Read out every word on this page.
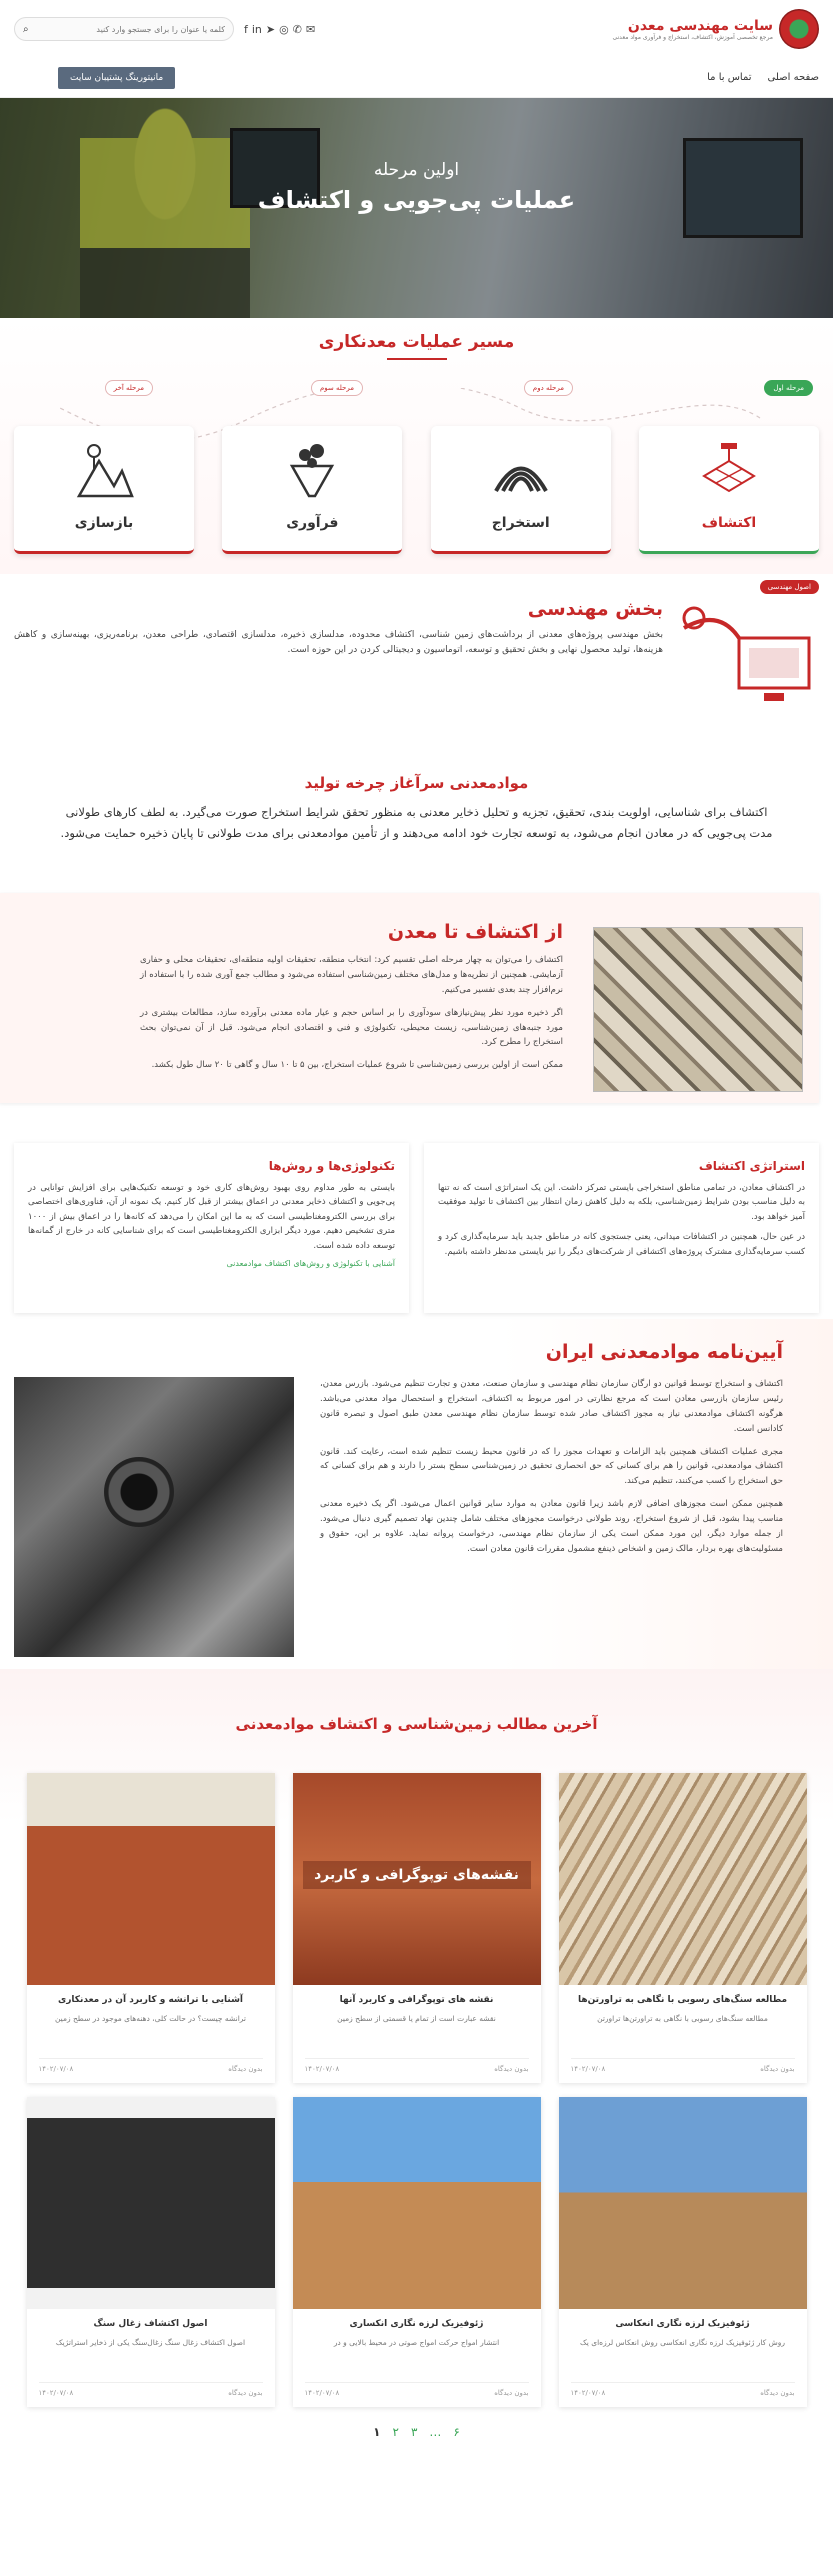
سایت مهندسی معدن
مرجع تخصصی آموزش، اکتشاف، استخراج و فرآوری مواد معدنی
⌕
کلمه یا عنوان را برای جستجو وارد کنید	f in ➤ ◎ ✆ ✉
صفحه اصلی
تماس با ما
مانیتورینگ پشتیبان سایت
اولین مرحله
عملیات پی‌جویی و اکتشاف
مسیر عملیات معدنکاری
مرحله اول
مرحله دوم
مرحله سوم
مرحله آخر
اکتشاف
استخراج
فرآوری
بازسازی
اصول مهندسی
بخش مهندسی
بخش مهندسی پروژه‌های معدنی از برداشت‌های زمین شناسی، اکتشاف محدوده، مدلسازی ذخیره، مدلسازی اقتصادی، طراحی معدن، برنامه‌ریزی، بهینه‌سازی و کاهش هزینه‌ها، تولید محصول نهایی و بخش تحقیق و توسعه، اتوماسیون و دیجیتالی کردن در این حوزه است.
موادمعدنی سرآغاز چرخه تولید
اکتشاف برای شناسایی، اولویت بندی، تحقیق، تجزیه و تحلیل ذخایر معدنی به منظور تحقق شرایط استخراج صورت می‌گیرد. به لطف کارهای طولانی مدت پی‌جویی که در معادن انجام می‌شود، به توسعه تجارت خود ادامه می‌دهند و از تأمین موادمعدنی برای مدت طولانی تا پایان ذخیره حمایت می‌شود.
از اکتشاف تا معدن

اکتشاف را می‌توان به چهار مرحله اصلی تقسیم کرد: انتخاب منطقه، تحقیقات اولیه منطقه‌ای، تحقیقات محلی و حفاری آزمایشی. همچنین از نظریه‌ها و مدل‌های مختلف زمین‌شناسی استفاده می‌شود و مطالب جمع آوری شده را با استفاده از نرم‌افزار چند بعدی تفسیر می‌کنیم.

اگر ذخیره مورد نظر پیش‌نیازهای سودآوری را بر اساس حجم و عیار ماده معدنی برآورده سازد، مطالعات بیشتری در مورد جنبه‌های زمین‌شناسی، زیست محیطی، تکنولوژی و فنی و اقتصادی انجام می‌شود. قبل از آن نمی‌توان بحث استخراج را مطرح کرد.

ممکن است از اولین بررسی زمین‌شناسی تا شروع عملیات استخراج، بین ۵ تا ۱۰ سال و گاهی تا ۲۰ سال طول بکشد.

استراتژی اکتشاف
در اکتشاف معادن، در تمامی مناطق استخراجی بایستی تمرکز داشت. این یک استراتژی است که نه تنها به دلیل مناسب بودن شرایط زمین‌شناسی، بلکه به دلیل کاهش زمان انتظار بین اکتشاف تا تولید موفقیت آمیز خواهد بود.
در عین حال، همچنین در اکتشافات میدانی، یعنی جستجوی کانه در مناطق جدید باید سرمایه‌گذاری کرد و کسب سرمایه‌گذاری مشترک پروژه‌های اکتشافی از شرکت‌های دیگر را نیز بایستی مدنظر داشته باشیم.
تکنولوژی‌ها و روش‌ها
بایستی به طور مداوم روی بهبود روش‌های کاری خود و توسعه تکنیک‌هایی برای افزایش توانایی در پی‌جویی و اکتشاف ذخایر معدنی در اعماق بیشتر از قبل کار کنیم. یک نمونه از آن، فناوری‌های اختصاصی برای بررسی الکترومغناطیسی است که به ما این امکان را می‌دهد که کانه‌ها را در اعماق بیش از ۱۰۰۰ متری تشخیص دهیم. مورد دیگر ابزاری الکترومغناطیسی است که برای شناسایی کانه در خارج از گمانه‌ها توسعه داده شده است.
آشنایی با تکنولوژی و روش‌های اکتشاف موادمعدنی
آیین‌نامه موادمعدنی ایران

اکتشاف و استخراج توسط قوانین دو ارگان سازمان نظام مهندسی و سازمان صنعت، معدن و تجارت تنظیم می‌شود. بازرس معدن، رئیس سازمان بازرسی معادن است که مرجع نظارتی در امور مربوط به اکتشاف، استخراج و استحصال مواد معدنی می‌باشد. هرگونه اکتشاف موادمعدنی نیاز به مجوز اکتشاف صادر شده توسط سازمان نظام مهندسی معدن طبق اصول و تبصره قانون کادانس است.

مجری عملیات اکتشاف همچنین باید الزامات و تعهدات مجوز را که در قانون محیط زیست تنظیم شده است، رعایت کند. قانون اکتشاف موادمعدنی، قوانین را هم برای کسانی که حق انحصاری تحقیق در زمین‌شناسی سطح بستر را دارند و هم برای کسانی که حق استخراج را کسب می‌کنند، تنظیم می‌کند.

همچنین ممکن است مجوزهای اضافی لازم باشد زیرا قانون معادن به موارد سایر قوانین اعمال می‌شود. اگر یک ذخیره معدنی مناسب پیدا بشود، قبل از شروع استخراج، روند طولانی درخواست مجوزهای مختلف شامل چندین نهاد تصمیم گیری دنبال می‌شود. از جمله موارد دیگر، این مورد ممکن است یکی از سازمان نظام مهندسی، درخواست پروانه نماید. علاوه بر این، حقوق و مسئولیت‌های بهره بردار، مالک زمین و اشخاص ذینفع مشمول مقررات قانون معادن است.

آخرین مطالب زمین‌شناسی و اکتشاف موادمعدنی
مطالعه سنگ‌های رسوبی با نگاهی به تراورتن‌ها
مطالعه سنگ‌های رسوبی با نگاهی به تراورتن‌ها تراورتن
بدون دیدگاه
۱۴۰۲/۰۷/۰۸
نقشه‌های توپوگرافی و کاربرد
نقشه های توپوگرافی و کاربرد آنها
نقشه عبارت است از تمام یا قسمتی از سطح زمین
بدون دیدگاه
۱۴۰۲/۰۷/۰۸
آشنایی با ترانشه و کاربرد آن در معدنکاری
ترانشه چیست؟ در حالت کلی، دهنه‌های موجود در سطح زمین
بدون دیدگاه
۱۴۰۲/۰۷/۰۸
ژئوفیزیک لرزه نگاری انعکاسی
روش کار ژئوفیزیک لرزه نگاری انعکاسی روش انعکاس لرزه‌ای یک
بدون دیدگاه
۱۴۰۲/۰۷/۰۸
ژئوفیزیک لرزه نگاری انکساری
انتشار امواج حرکت امواج صوتی در محیط بالایی و در
بدون دیدگاه
۱۴۰۲/۰۷/۰۸
اصول اکتشاف زغال سنگ
اصول اکتشاف زغال سنگ زغال‌سنگ یکی از ذخایر استراتژیک
بدون دیدگاه
۱۴۰۲/۰۷/۰۸
۱ ۲ ۳ … ۶
